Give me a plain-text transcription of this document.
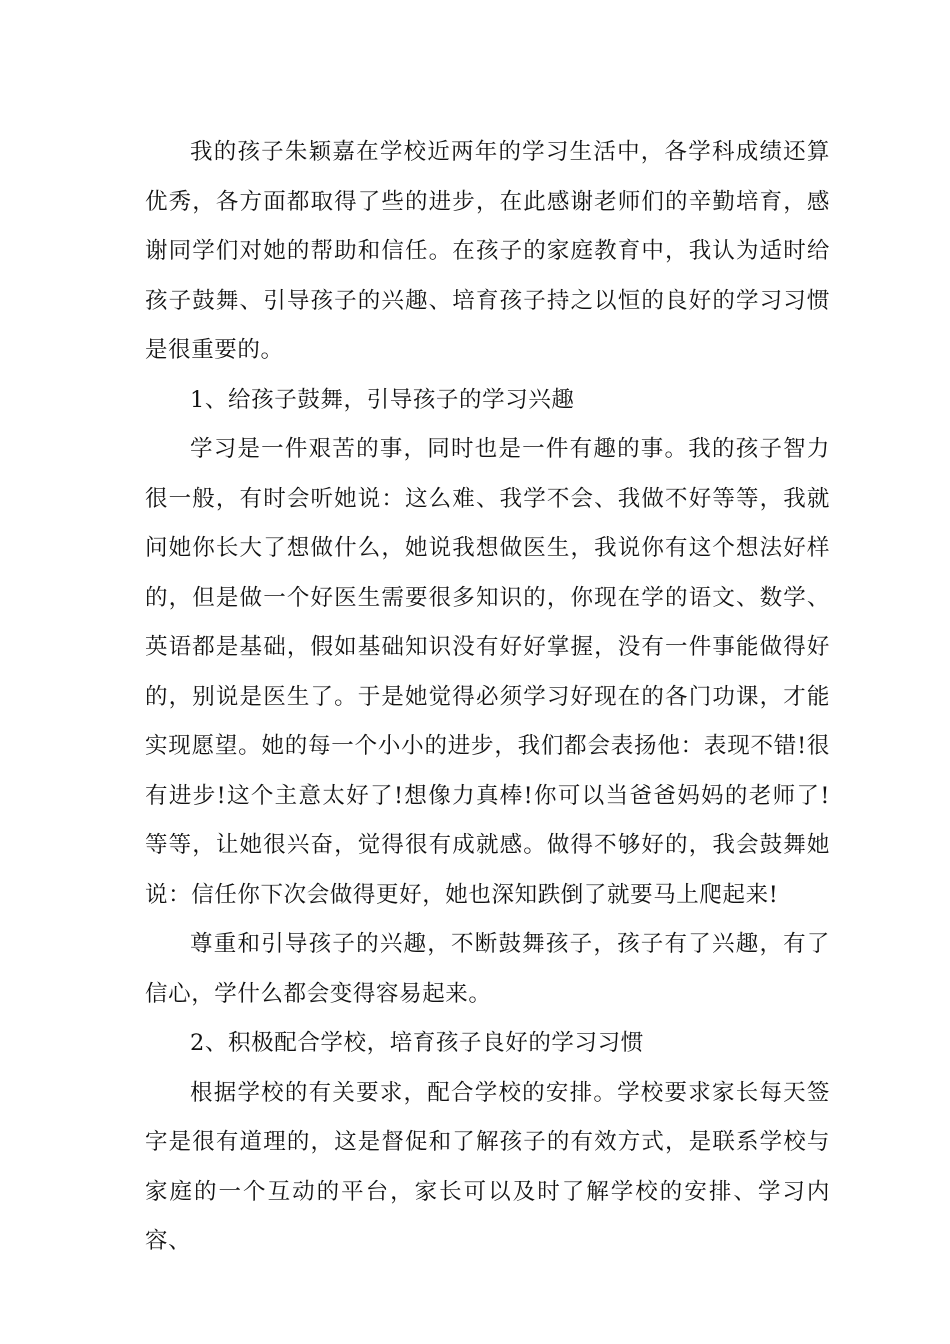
我的孩子朱颖嘉在学校近两年的学习生活中，各学科成绩还算优秀，各方面都取得了些的进步，在此感谢老师们的辛勤培育，感谢同学们对她的帮助和信任。在孩子的家庭教育中，我认为适时给孩子鼓舞、引导孩子的兴趣、培育孩子持之以恒的良好的学习习惯是很重要的。

1、给孩子鼓舞，引导孩子的学习兴趣

学习是一件艰苦的事，同时也是一件有趣的事。我的孩子智力很一般，有时会听她说：这么难、我学不会、我做不好等等，我就问她你长大了想做什么，她说我想做医生，我说你有这个想法好样的，但是做一个好医生需要很多知识的，你现在学的语文、数学、英语都是基础，假如基础知识没有好好掌握，没有一件事能做得好的，别说是医生了。于是她觉得必须学习好现在的各门功课，才能实现愿望。她的每一个小小的进步，我们都会表扬他：表现不错!很有进步!这个主意太好了!想像力真棒!你可以当爸爸妈妈的老师了!等等，让她很兴奋，觉得很有成就感。做得不够好的，我会鼓舞她说：信任你下次会做得更好，她也深知跌倒了就要马上爬起来!

尊重和引导孩子的兴趣，不断鼓舞孩子，孩子有了兴趣，有了信心，学什么都会变得容易起来。

2、积极配合学校，培育孩子良好的学习习惯

根据学校的有关要求，配合学校的安排。学校要求家长每天签字是很有道理的，这是督促和了解孩子的有效方式，是联系学校与家庭的一个互动的平台，家长可以及时了解学校的安排、学习内容、
